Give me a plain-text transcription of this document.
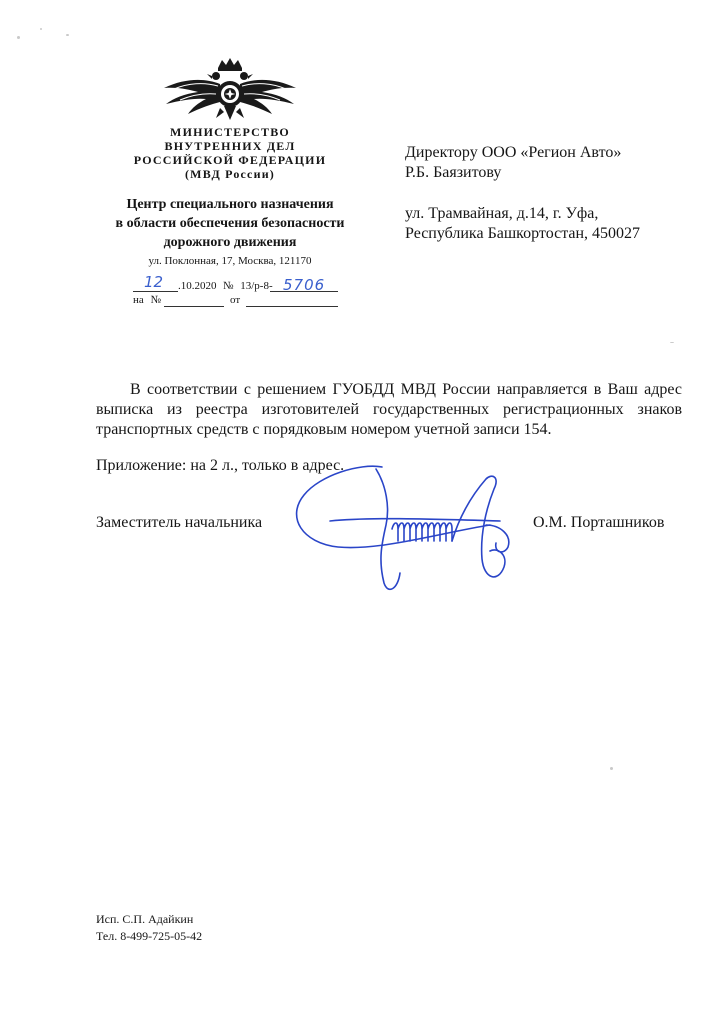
МИНИСТЕРСТВО
ВНУТРЕННИХ ДЕЛ
РОССИЙСКОЙ ФЕДЕРАЦИИ
(МВД России)
Центр специального назначения
в области обеспечения безопасности
дорожного движения
ул. Поклонная, 17, Москва, 121170
12 .10.2020 № 13/р-8- 5706
на №	от
Директору ООО «Регион Авто»
Р.Б. Баязитову
ул. Трамвайная, д.14, г. Уфа,
Республика Башкортостан, 450027

В соответствии с решением ГУОБДД МВД России направляется в Ваш адрес выписка из реестра изготовителей государственных регистрационных знаков транспортных средств с порядковым номером учетной записи 154.

Приложение: на 2 л., только в адрес.
Заместитель начальника	О.М. Порташников
Исп. С.П. Адайкин
Тел. 8-499-725-05-42
